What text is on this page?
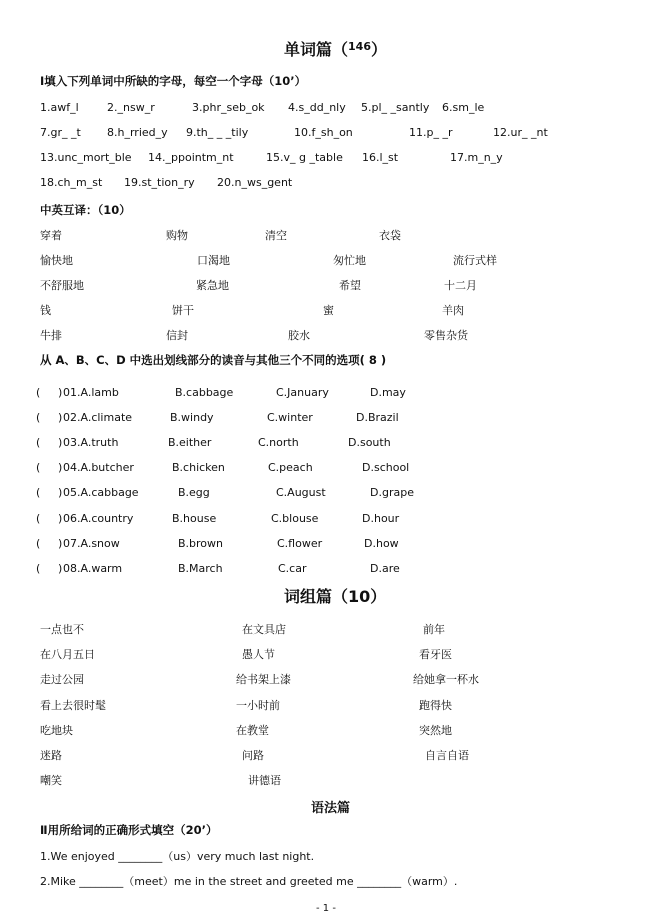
单词篇（$^{146}$）
Ⅰ填入下列单词中所缺的字母，每空一个字母（10’）
1.awf_l	2._nsw_r	3.phr_seb_ok 4.s_dd_nly 5.pl_ _santly 6.sm_le
7.gr_ _t 8.h_rried_y 9.th_ _ _tily	10.f_sh_on	11.p_ _r	12.ur_ _nt
13.unc_mort_ble 14._ppointm_nt	15.v_ g _table 16.l_st	17.m_n_y
18.ch_m_st 19.st_tion_ry 20.n_ws_gent
中英互译：（10）
穿着	购物	清空	衣袋
愉快地	口渴地	匆忙地	流行式样
不舒服地	紧急地	希望	十二月
钱	饼干	蜜	羊肉
牛排	信封	胶水	零售杂货
从 A、B、C、D 中选出划线部分的读音与其他三个不同的选项( 8 )
( ) 01.A.lamb	B.cabbage	C.January	D.may
( ) 02.A.climate	B.windy	C.winter	D.Brazil
( ) 03.A.truth	B.either	C.north	D.south
( ) 04.A.butcher	B.chicken	C.peach	D.school
( ) 05.A.cabbage	B.egg	C.August	D.grape
( ) 06.A.country	B.house	C.blouse	D.hour
( ) 07.A.snow	B.brown	C.flower	D.how
( ) 08.A.warm	B.March	C.car	D.are
词组篇（10）
一点也不	在文具店	前年
在八月五日	愚人节	看牙医
走过公园	给书架上漆	给她拿一杯水
看上去很时髦	一小时前	跑得快
吃地块	在教堂	突然地
迷路	问路	自言自语
嘲笑	讲德语
语法篇
Ⅱ用所给词的正确形式填空（20’）
1.We enjoyed ________（us）very much last night.
2.Mike ________（meet）me in the street and greeted me ________（warm）.
- 1 -
